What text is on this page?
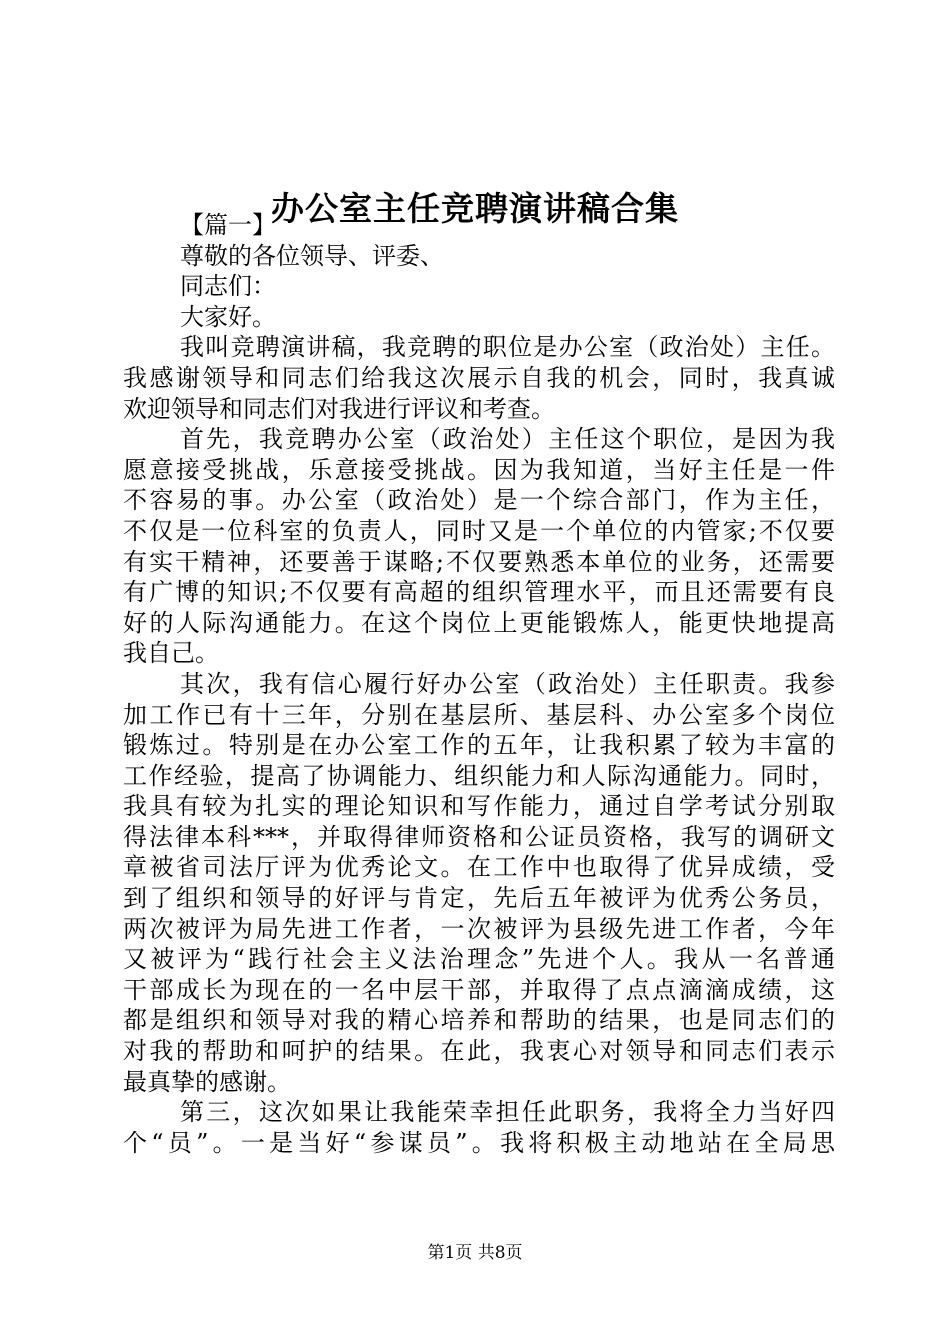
办公室主任竞聘演讲稿合集
【篇一】
尊敬的各位领导、评委、
同志们：
大家好。
我叫竞聘演讲稿，我竞聘的职位是办公室（政治处）主任。
我感谢领导和同志们给我这次展示自我的机会，同时，我真诚
欢迎领导和同志们对我进行评议和考查。
首先，我竞聘办公室（政治处）主任这个职位，是因为我
愿意接受挑战，乐意接受挑战。因为我知道，当好主任是一件
不容易的事。办公室（政治处）是一个综合部门，作为主任，
不仅是一位科室的负责人，同时又是一个单位的内管家;不仅要
有实干精神，还要善于谋略;不仅要熟悉本单位的业务，还需要
有广博的知识;不仅要有高超的组织管理水平，而且还需要有良
好的人际沟通能力。在这个岗位上更能锻炼人，能更快地提高
我自己。
其次，我有信心履行好办公室（政治处）主任职责。我参
加工作已有十三年，分别在基层所、基层科、办公室多个岗位
锻炼过。特别是在办公室工作的五年，让我积累了较为丰富的
工作经验，提高了协调能力、组织能力和人际沟通能力。同时，
我具有较为扎实的理论知识和写作能力，通过自学考试分别取
得法律本科***，并取得律师资格和公证员资格，我写的调研文
章被省司法厅评为优秀论文。在工作中也取得了优异成绩，受
到了组织和领导的好评与肯定，先后五年被评为优秀公务员，
两次被评为局先进工作者，一次被评为县级先进工作者，今年
又被评为“践行社会主义法治理念”先进个人。我从一名普通
干部成长为现在的一名中层干部，并取得了点点滴滴成绩，这
都是组织和领导对我的精心培养和帮助的结果，也是同志们的
对我的帮助和呵护的结果。在此，我衷心对领导和同志们表示
最真挚的感谢。
第三，这次如果让我能荣幸担任此职务，我将全力当好四
个“员”。一是当好“参谋员”。我将积极主动地站在全局思
第1页 共8页
